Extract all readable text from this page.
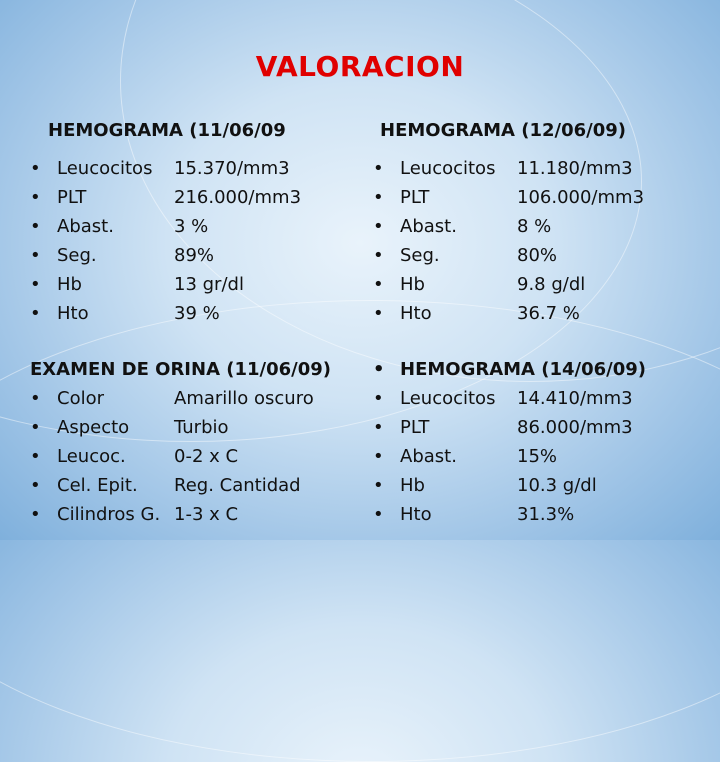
VALORACION
HEMOGRAMA (11/06/09
• Leucocitos 15.370/mm3
• PLT	216.000/mm3
• Abast.	3 %
• Seg.	89%
• Hb	13 gr/dl
• Hto	39 %
HEMOGRAMA (12/06/09)
• Leucocitos 11.180/mm3
• PLT	106.000/mm3
• Abast.	8 %
• Seg.	80%
• Hb	9.8 g/dl
• Hto	36.7 %
EXAMEN DE ORINA (11/06/09)
• Color	Amarillo oscuro
• Aspecto Turbio
• Leucoc.	0-2 x C
• Cel. Epit. Reg. Cantidad
• Cilindros G. 1-3 x C
• HEMOGRAMA (14/06/09)
• Leucocitos 14.410/mm3
• PLT	86.000/mm3
• Abast.	15%
• Hb	10.3 g/dl
• Hto	31.3%
